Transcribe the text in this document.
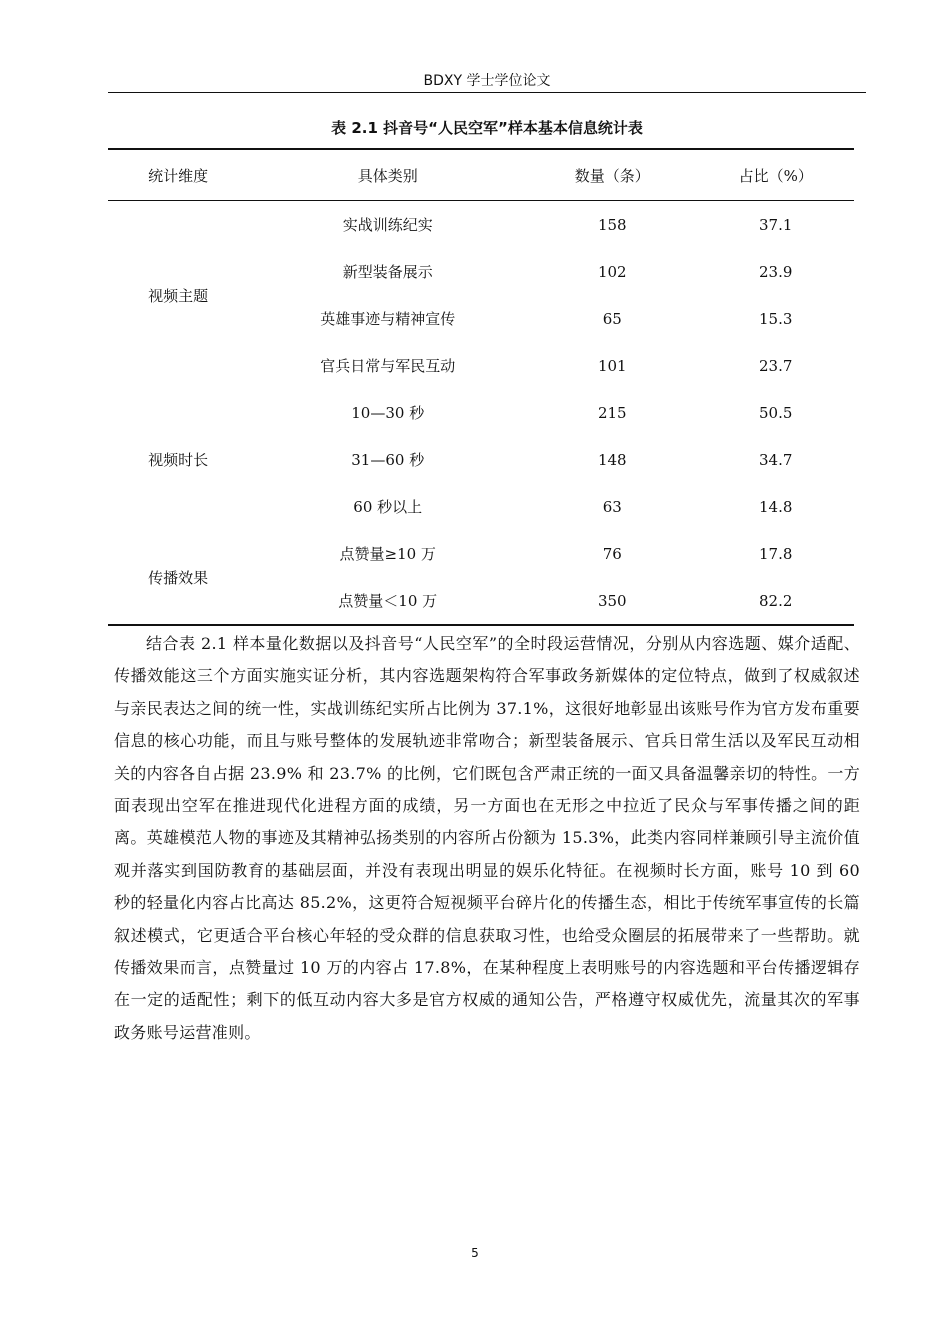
BDXY 学士学位论文
表 2.1 抖音号“人民空军”样本基本信息统计表
统计维度	具体类别	数量（条）	占比（%）
视频主题	实战训练纪实	158	37.1
	新型装备展示	102	23.9
	英雄事迹与精神宣传	65	15.3
	官兵日常与军民互动	101	23.7
视频时长	10—30 秒	215	50.5
	31—60 秒	148	34.7
	60 秒以上	63	14.8
传播效果	点赞量≥10 万	76	17.8
	点赞量＜10 万	350	82.2

结合表 2.1 样本量化数据以及抖音号“人民空军”的全时段运营情况，分别从内容选题、媒介适配、传播效能这三个方面实施实证分析，其内容选题架构符合军事政务新媒体的定位特点，做到了权威叙述与亲民表达之间的统一性，实战训练纪实所占比例为 37.1%，这很好地彰显出该账号作为官方发布重要信息的核心功能，而且与账号整体的发展轨迹非常吻合；新型装备展示、官兵日常生活以及军民互动相关的内容各自占据 23.9% 和 23.7% 的比例，它们既包含严肃正统的一面又具备温馨亲切的特性。一方面表现出空军在推进现代化进程方面的成绩，另一方面也在无形之中拉近了民众与军事传播之间的距离。英雄模范人物的事迹及其精神弘扬类别的内容所占份额为 15.3%，此类内容同样兼顾引导主流价值观并落实到国防教育的基础层面，并没有表现出明显的娱乐化特征。在视频时长方面，账号 10 到 60 秒的轻量化内容占比高达 85.2%，这更符合短视频平台碎片化的传播生态，相比于传统军事宣传的长篇叙述模式，它更适合平台核心年轻的受众群的信息获取习性，也给受众圈层的拓展带来了一些帮助。就传播效果而言，点赞量过 10 万的内容占 17.8%，在某种程度上表明账号的内容选题和平台传播逻辑存在一定的适配性；剩下的低互动内容大多是官方权威的通知公告，严格遵守权威优先，流量其次的军事政务账号运营准则。

5
